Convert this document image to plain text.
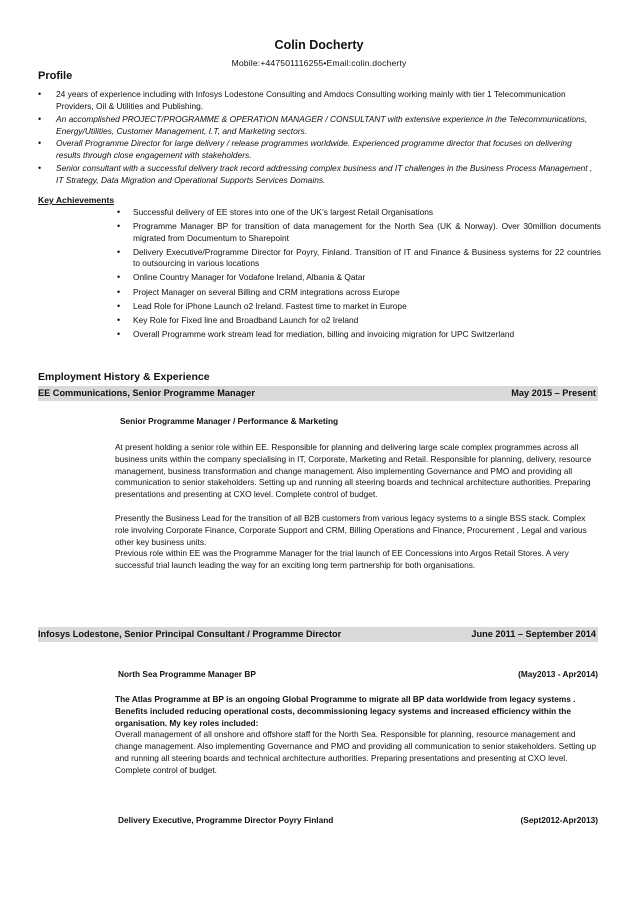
Colin Docherty
Mobile:+447501116255•Email:colin.docherty
Profile
• 24 years of experience including with Infosys Lodestone Consulting and Amdocs Consulting working mainly with tier 1 Telecommunication Providers, Oil & Utilities and Publishing.
• An accomplished PROJECT/PROGRAMME & OPERATION MANAGER / CONSULTANT with extensive experience in the Telecommunications, Energy/Utilities, Customer Management, I.T, and Marketing sectors.
• Overall Programme Director for large delivery / release programmes worldwide. Experienced programme director that focuses on delivering results through close engagement with stakeholders.
• Senior consultant with a successful delivery track record addressing complex business and IT challenges in the Business Process Management , IT Strategy, Data Migration and Operational Supports Services Domains.
Key Achievements
• Successful delivery of EE stores into one of the UK’s largest Retail Organisations
• Programme Manager BP for transition of data management for the North Sea (UK & Norway). Over 30million documents migrated from Documentum to Sharepoint
• Delivery Executive/Programme Director for Poyry, Finland. Transition of IT and Finance & Business systems for 22 countries to outsourcing in various locations
• Online Country Manager for Vodafone Ireland, Albania & Qatar
• Project Manager on several Billing and CRM integrations across Europe
• Lead Role for iPhone Launch o2 Ireland. Fastest time to market in Europe
• Key Role for Fixed line and Broadband Launch for o2 Ireland
• Overall Programme work stream lead for mediation, billing and invoicing migration for UPC Switzerland
Employment History & Experience
EE Communications, Senior Programme Manager	May 2015 – Present
Senior Programme Manager / Performance & Marketing

At present holding a senior role within EE. Responsible for planning and delivering large scale complex programmes across all business units within the company specialising in IT, Corporate, Marketing and Retail. Responsible for planning, delivery, resource management, business transformation and change management. Also implementing Governance and PMO and providing all communication to senior stakeholders. Setting up and running all steering boards and technical architecture authorities. Preparing presentations and presenting at CXO level. Complete control of budget.

Presently the Business Lead for the transition of all B2B customers from various legacy systems to a single BSS stack. Complex role involving Corporate Finance, Corporate Support and CRM, Billing Operations and Finance, Procurement , Legal and various other key business units.

Previous role within EE was the Programme Manager for the trial launch of EE Concessions into Argos Retail Stores. A very successful trial launch leading the way for an exciting long term partnership for both organisations.

Infosys Lodestone, Senior Principal Consultant / Programme Director	June 2011 – September 2014
North Sea Programme Manager BP	(May2013 - Apr2014)

The Atlas Programme at BP is an ongoing Global Programme to migrate all BP data worldwide from legacy systems . Benefits included reducing operational costs, decommissioning legacy systems and increased efficiency within the organisation. My key roles included:

Overall management of all onshore and offshore staff for the North Sea. Responsible for planning, resource management and change management. Also implementing Governance and PMO and providing all communication to senior stakeholders. Setting up and running all steering boards and technical architecture authorities. Preparing presentations and presenting at CXO level. Complete control of budget.

Delivery Executive, Programme Director Poyry Finland	(Sept2012-Apr2013)
